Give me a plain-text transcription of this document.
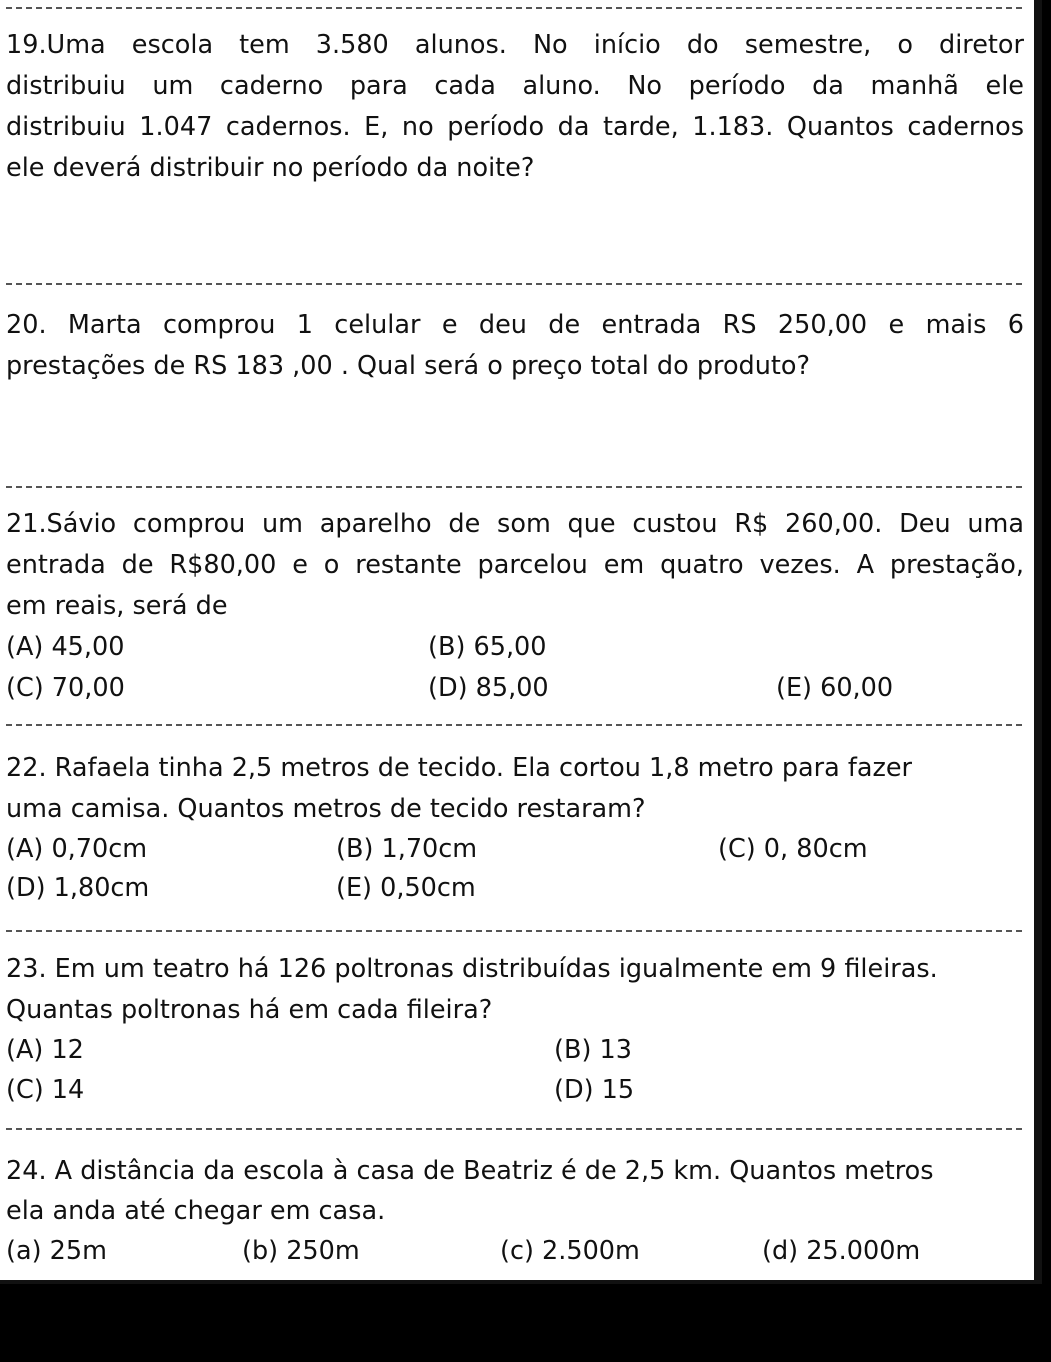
19.Uma escola tem 3.580 alunos. No início do semestre, o diretor
distribuiu um caderno para cada aluno. No período da manhã ele
distribuiu 1.047 cadernos. E, no período da tarde, 1.183. Quantos cadernos
ele deverá distribuir no período da noite?
20. Marta comprou 1 celular e deu de entrada RS 250,00 e mais 6
prestações de RS 183 ,00 . Qual será o preço total do produto?
21.Sávio comprou um aparelho de som que custou R$ 260,00. Deu uma
entrada de R$80,00 e o restante parcelou em quatro vezes. A prestação,
em reais, será de
(A) 45,00	(B) 65,00
(C) 70,00	(D) 85,00	(E) 60,00
22. Rafaela tinha 2,5 metros de tecido. Ela cortou 1,8 metro para fazer
uma camisa. Quantos metros de tecido restaram?
(A) 0,70cm	(B) 1,70cm	(C) 0, 80cm
(D) 1,80cm	(E) 0,50cm
23. Em um teatro há 126 poltronas distribuídas igualmente em 9 fileiras.
Quantas poltronas há em cada fileira?
(A) 12	(B) 13
(C) 14	(D) 15
24. A distância da escola à casa de Beatriz é de 2,5 km. Quantos metros
ela anda até chegar em casa.
(a) 25m	(b) 250m	(c) 2.500m	(d) 25.000m
